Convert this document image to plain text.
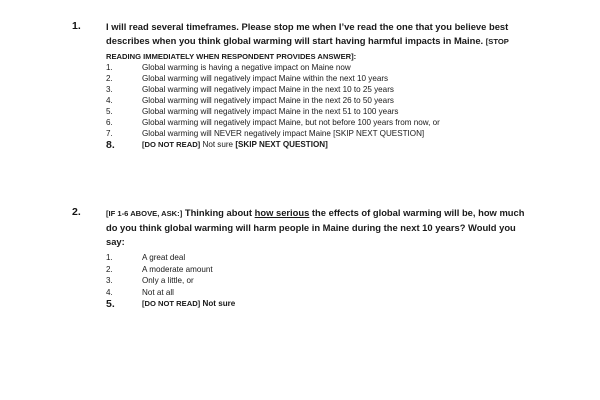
1.	I will read several timeframes. Please stop me when I’ve read the one that you believe best describes when you think global warming will start having harmful impacts in Maine. [STOP READING IMMEDIATELY WHEN RESPONDENT PROVIDES ANSWER]:
1.	Global warming is having a negative impact on Maine now
2.	Global warming will negatively impact Maine within the next 10 years
3.	Global warming will negatively impact Maine in the next 10 to 25 years
4.	Global warming will negatively impact Maine in the next 26 to 50 years
5.	Global warming will negatively impact Maine in the next 51 to 100 years
6.	Global warming will negatively impact Maine, but not before 100 years from now, or
7.	Global warming will NEVER negatively impact Maine [SKIP NEXT QUESTION]
8.	[DO NOT READ] Not sure [SKIP NEXT QUESTION]
2.	[IF 1-6 ABOVE, ASK:] Thinking about how serious the effects of global warming will be, how much do you think global warming will harm people in Maine during the next 10 years? Would you say:
1.	A great deal
2.	A moderate amount
3.	Only a little, or
4.	Not at all
5.	[DO NOT READ] Not sure
